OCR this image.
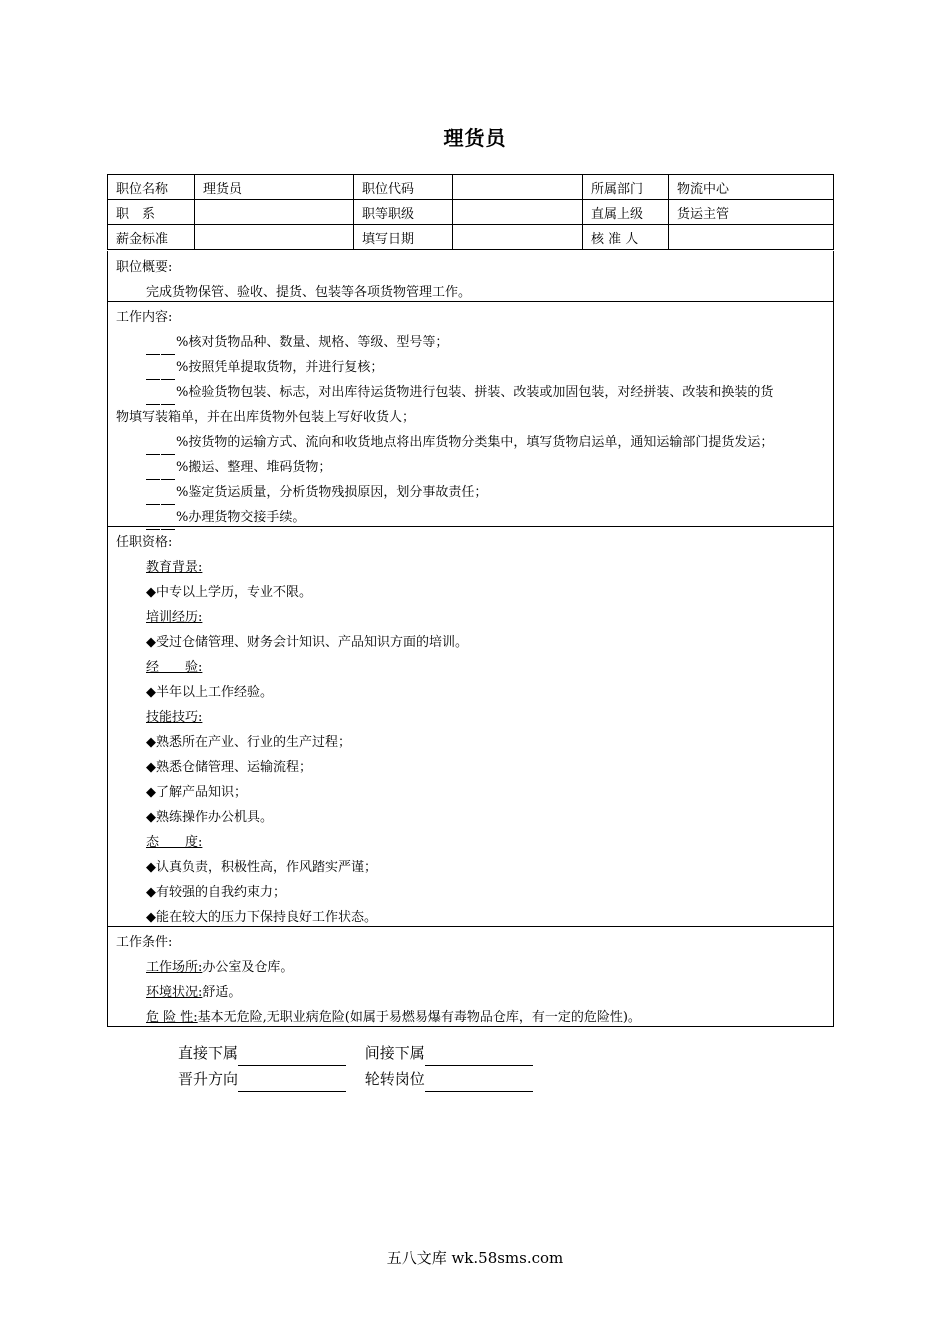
理货员
职位名称	理货员	职位代码		所属部门	物流中心
职　系		职等职级		直属上级	货运主管
薪金标准		填写日期		核 准 人	
职位概要:
完成货物保管、验收、提货、包装等各项货物管理工作。
工作内容:
%核对货物品种、数量、规格、等级、型号等；
%按照凭单提取货物，并进行复核；
%检验货物包装、标志，对出库待运货物进行包装、拼装、改装或加固包装，对经拼装、改装和换装的货
物填写装箱单，并在出库货物外包装上写好收货人；
%按货物的运输方式、流向和收货地点将出库货物分类集中，填写货物启运单，通知运输部门提货发运；
%搬运、整理、堆码货物；
%鉴定货运质量，分析货物残损原因，划分事故责任；
%办理货物交接手续。
任职资格:
教育背景:
◆中专以上学历，专业不限。
培训经历:
◆受过仓储管理、财务会计知识、产品知识方面的培训。
经　　验:
◆半年以上工作经验。
技能技巧:
◆熟悉所在产业、行业的生产过程；
◆熟悉仓储管理、运输流程；
◆了解产品知识；
◆熟练操作办公机具。
态　　度:
◆认真负责，积极性高，作风踏实严谨；
◆有较强的自我约束力；
◆能在较大的压力下保持良好工作状态。
工作条件:
工作场所:办公室及仓库。
环境状况:舒适。
危 险 性:基本无危险,无职业病危险(如属于易燃易爆有毒物品仓库，有一定的危险性)。
直接下属	间接下属
晋升方向	轮转岗位
五八文库 wk.58sms.com
